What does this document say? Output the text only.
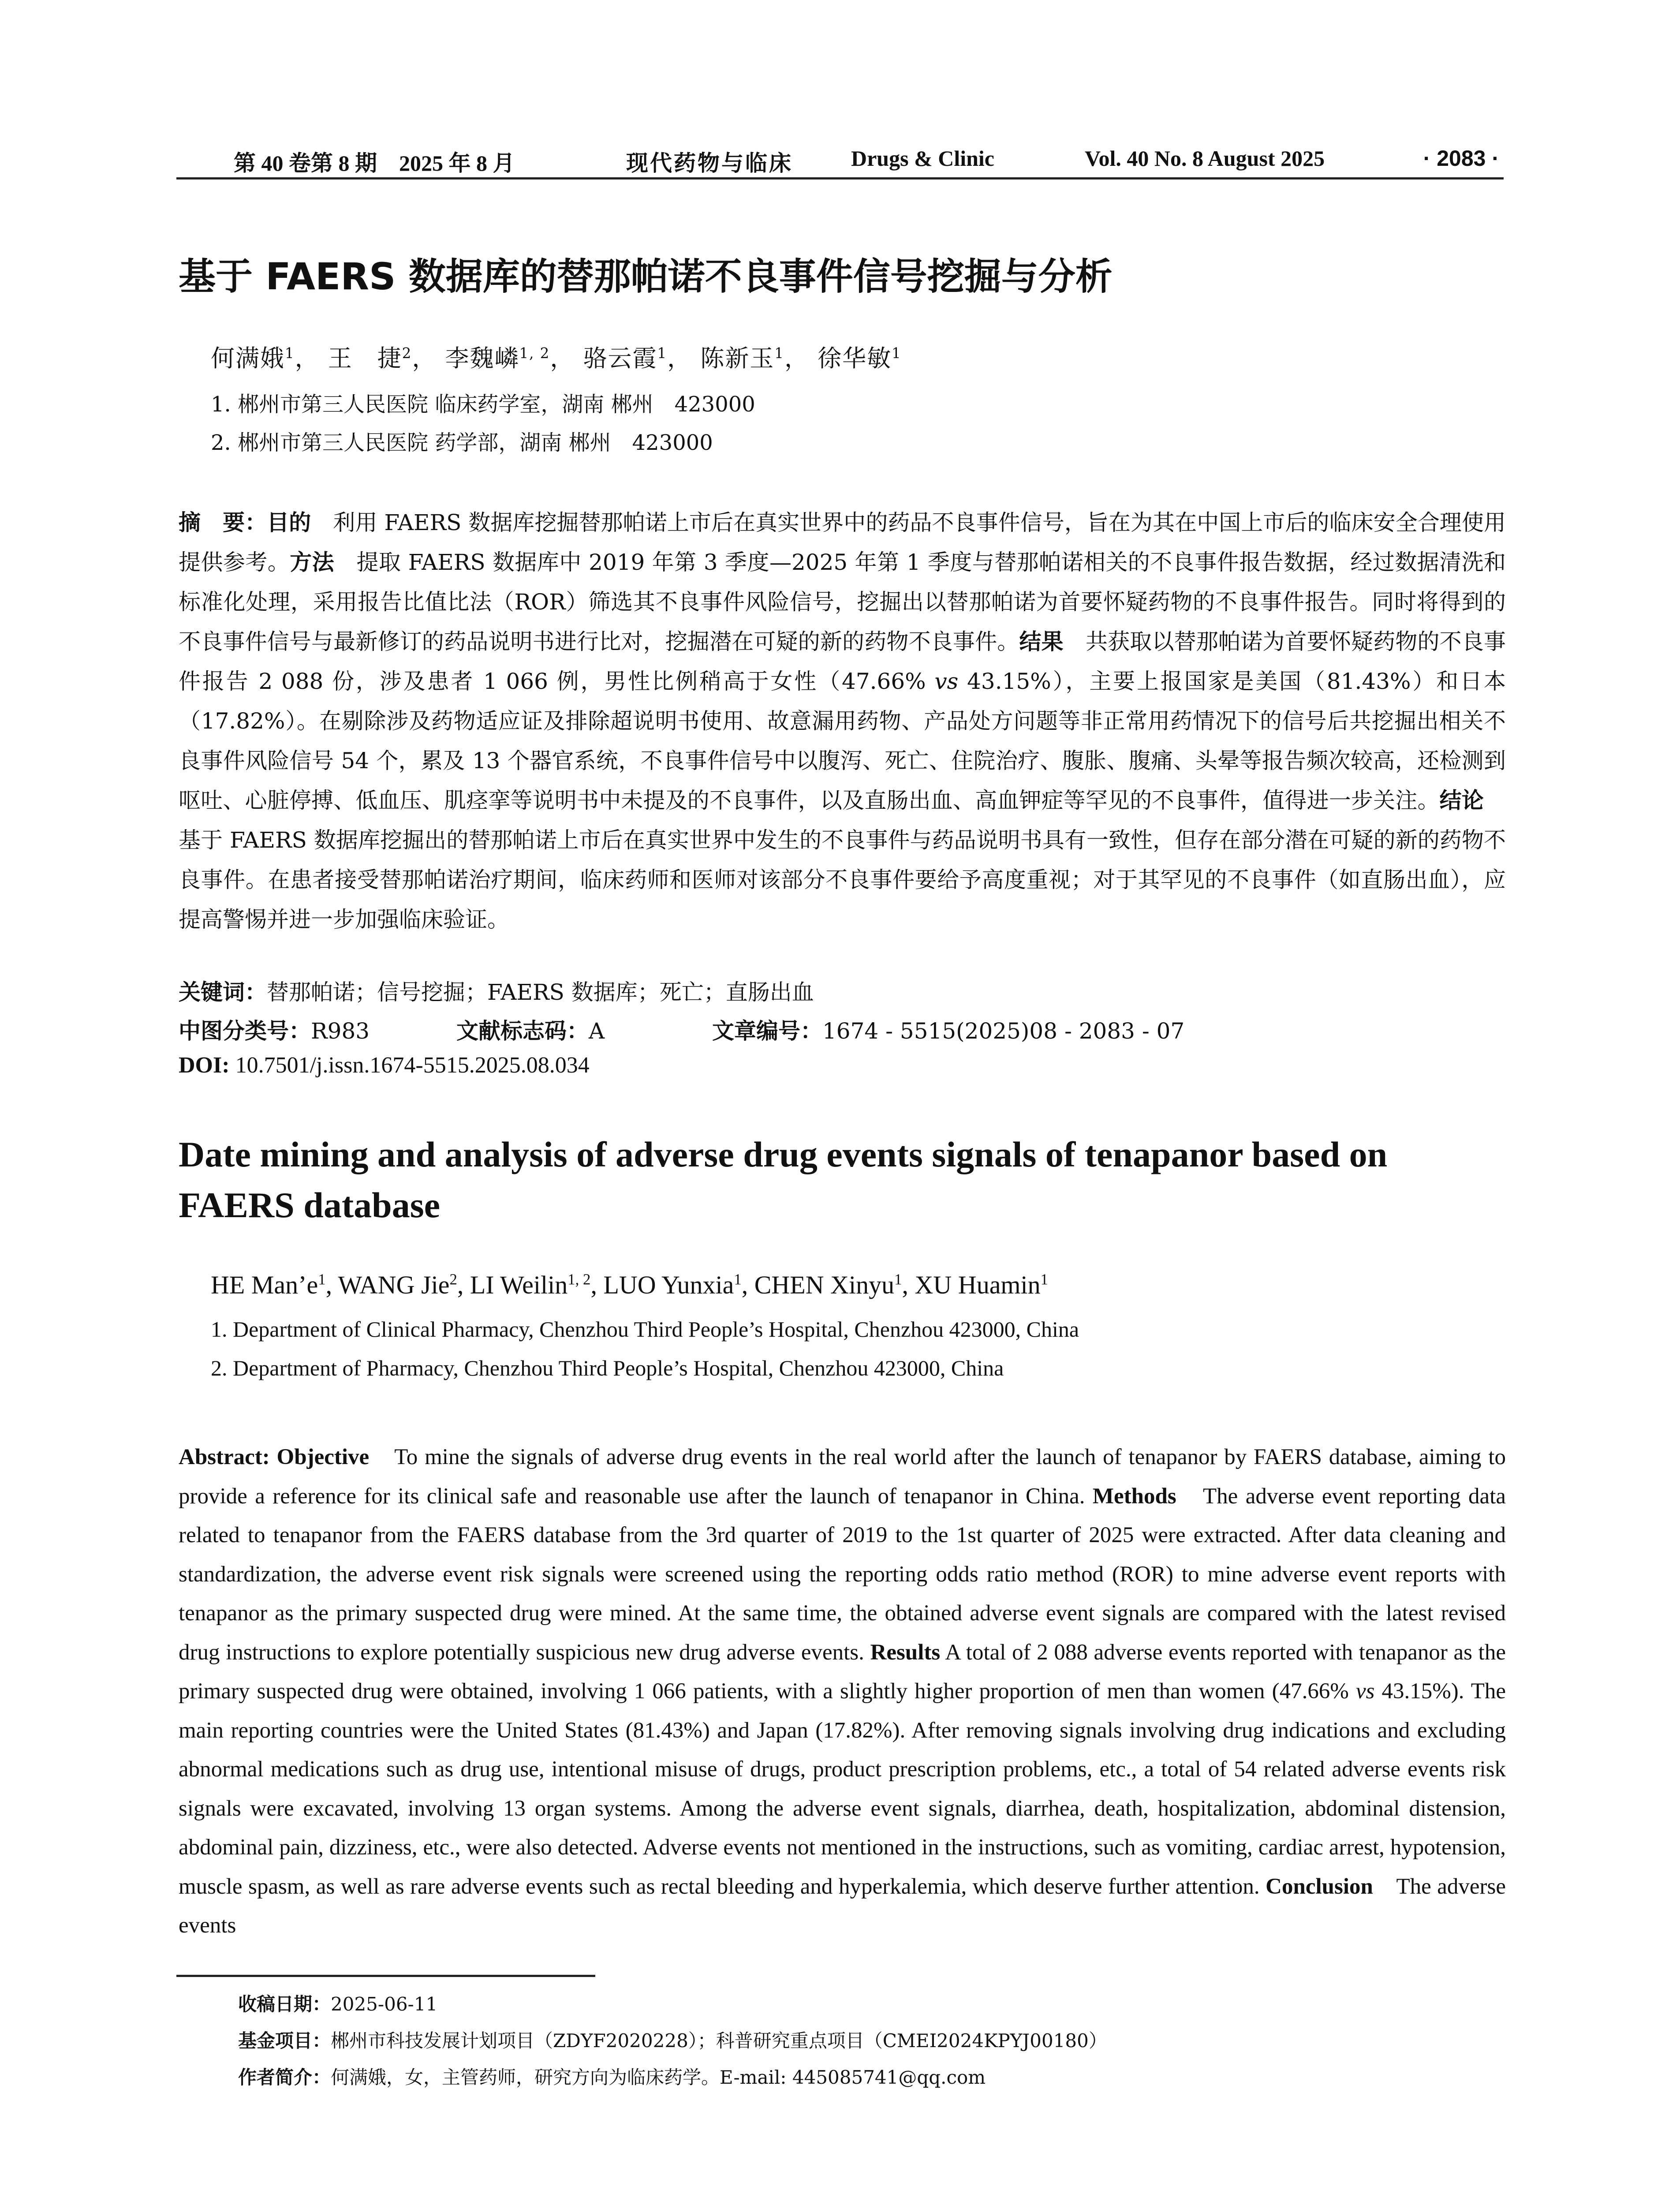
第 40 卷第 8 期　2025 年 8 月	现代药物与临床	Drugs & Clinic	Vol. 40 No. 8 August 2025	· 2083 ·
基于 FAERS 数据库的替那帕诺不良事件信号挖掘与分析
何满娥$^1$， 王　捷$^2$， 李魏嶙$^{1, 2}$， 骆云霞$^1$， 陈新玉$^1$， 徐华敏$^1$
1. 郴州市第三人民医院 临床药学室，湖南 郴州　423000
2. 郴州市第三人民医院 药学部，湖南 郴州　423000
摘　要：目的　利用 FAERS 数据库挖掘替那帕诺上市后在真实世界中的药品不良事件信号，旨在为其在中国上市后的临床安全合理使用提供参考。方法　提取 FAERS 数据库中 2019 年第 3 季度—2025 年第 1 季度与替那帕诺相关的不良事件报告数据，经过数据清洗和标准化处理，采用报告比值比法（ROR）筛选其不良事件风险信号，挖掘出以替那帕诺为首要怀疑药物的不良事件报告。同时将得到的不良事件信号与最新修订的药品说明书进行比对，挖掘潜在可疑的新的药物不良事件。结果　共获取以替那帕诺为首要怀疑药物的不良事件报告 2 088 份，涉及患者 1 066 例，男性比例稍高于女性（47.66% vs 43.15%），主要上报国家是美国（81.43%）和日本（17.82%）。在剔除涉及药物适应证及排除超说明书使用、故意漏用药物、产品处方问题等非正常用药情况下的信号后共挖掘出相关不良事件风险信号 54 个，累及 13 个器官系统，不良事件信号中以腹泻、死亡、住院治疗、腹胀、腹痛、头晕等报告频次较高，还检测到呕吐、心脏停搏、低血压、肌痉挛等说明书中未提及的不良事件，以及直肠出血、高血钾症等罕见的不良事件，值得进一步关注。结论　基于 FAERS 数据库挖掘出的替那帕诺上市后在真实世界中发生的不良事件与药品说明书具有一致性，但存在部分潜在可疑的新的药物不良事件。在患者接受替那帕诺治疗期间，临床药师和医师对该部分不良事件要给予高度重视；对于其罕见的不良事件（如直肠出血），应提高警惕并进一步加强临床验证。
关键词：替那帕诺；信号挖掘；FAERS 数据库；死亡；直肠出血
中图分类号：R983	文献标志码：A	文章编号：1674 - 5515(2025)08 - 2083 - 07
DOI: 10.7501/j.issn.1674-5515.2025.08.034
Date mining and analysis of adverse drug events signals of tenapanor based on FAERS database
HE $Man’e^1$, WANG Jie$^2$, LI Weilin$^{1, 2}$, LUO Yunxia$^1$, CHEN Xinyu$^1$, XU Huamin$^1$
1. Department of Clinical Pharmacy, Chenzhou Third People’s Hospital, Chenzhou 423000, China
2. Department of Pharmacy, Chenzhou Third People’s Hospital, Chenzhou 423000, China
Abstract: Objective　To mine the signals of adverse drug events in the real world after the launch of tenapanor by FAERS database, aiming to provide a reference for its clinical safe and reasonable use after the launch of tenapanor in China. Methods　The adverse event reporting data related to tenapanor from the FAERS database from the 3rd quarter of 2019 to the 1st quarter of 2025 were extracted. After data cleaning and standardization, the adverse event risk signals were screened using the reporting odds ratio method (ROR) to mine adverse event reports with tenapanor as the primary suspected drug were mined. At the same time, the obtained adverse event signals are compared with the latest revised drug instructions to explore potentially suspicious new drug adverse events. Results A total of 2 088 adverse events reported with tenapanor as the primary suspected drug were obtained, involving 1 066 patients, with a slightly higher proportion of men than women (47.66% vs 43.15%). The main reporting countries were the United States (81.43%) and Japan (17.82%). After removing signals involving drug indications and excluding abnormal medications such as drug use, intentional misuse of drugs, product prescription problems, etc., a total of 54 related adverse events risk signals were excavated, involving 13 organ systems. Among the adverse event signals, diarrhea, death, hospitalization, abdominal distension, abdominal pain, dizziness, etc., were also detected. Adverse events not mentioned in the instructions, such as vomiting, cardiac arrest, hypotension, muscle spasm, as well as rare adverse events such as rectal bleeding and hyperkalemia, which deserve further attention. Conclusion　The adverse events
收稿日期：2025-06-11
基金项目：郴州市科技发展计划项目（ZDYF2020228）；科普研究重点项目（CMEI2024KPYJ00180）
作者简介：何满娥，女，主管药师，研究方向为临床药学。E-mail: 445085741@qq.com
